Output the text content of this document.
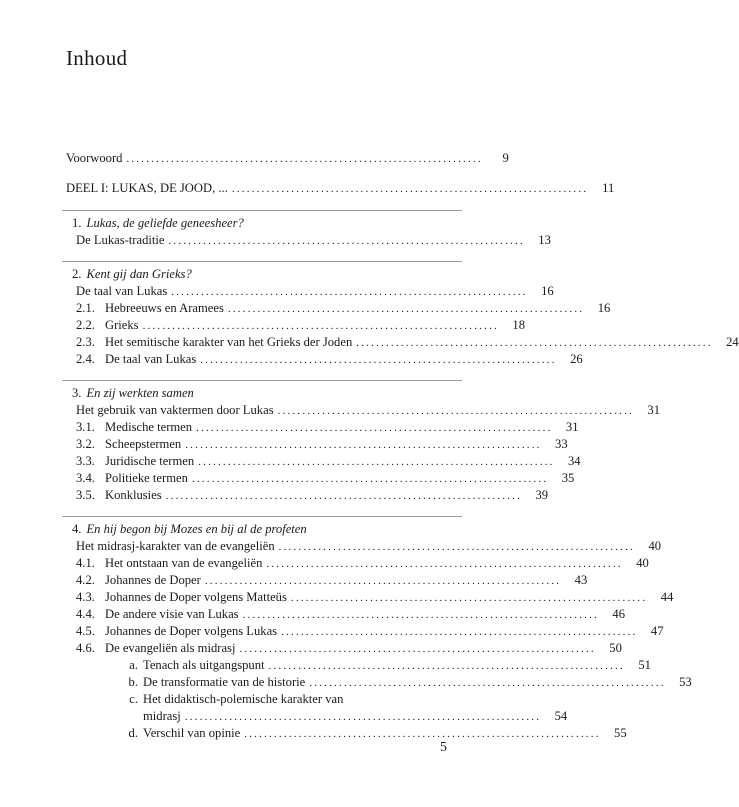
Inhoud
Voorwoord ........................................................................	9
DEEL I: LUKAS, DE JOOD, ... ........................................................................	11
1. Lukas, de geliefde geneesheer?
De Lukas-traditie ........................................................................	13
2. Kent gij dan Grieks?
De taal van Lukas ........................................................................	16
2.1. Hebreeuws en Aramees ........................................................................	16
2.2. Grieks ........................................................................	18
2.3. Het semitische karakter van het Grieks der Joden ........................................................................	24
2.4. De taal van Lukas ........................................................................	26
3. En zij werkten samen
Het gebruik van vaktermen door Lukas ........................................................................	31
3.1. Medische termen ........................................................................	31
3.2. Scheepstermen ........................................................................	33
3.3. Juridische termen ........................................................................	34
3.4. Politieke termen ........................................................................	35
3.5. Konklusies ........................................................................	39
4. En hij begon bij Mozes en bij al de profeten
Het midrasj-karakter van de evangeliën ........................................................................	40
4.1. Het ontstaan van de evangeliën ........................................................................	40
4.2. Johannes de Doper ........................................................................	43
4.3. Johannes de Doper volgens Matteüs ........................................................................	44
4.4. De andere visie van Lukas ........................................................................	46
4.5. Johannes de Doper volgens Lukas ........................................................................	47
4.6. De evangeliën als midrasj ........................................................................	50
a. Tenach als uitgangspunt ........................................................................	51
b. De transformatie van de historie ........................................................................	53
c. Het didaktisch-polemische karakter van
midrasj ........................................................................	54
d. Verschil van opinie ........................................................................	55
5
